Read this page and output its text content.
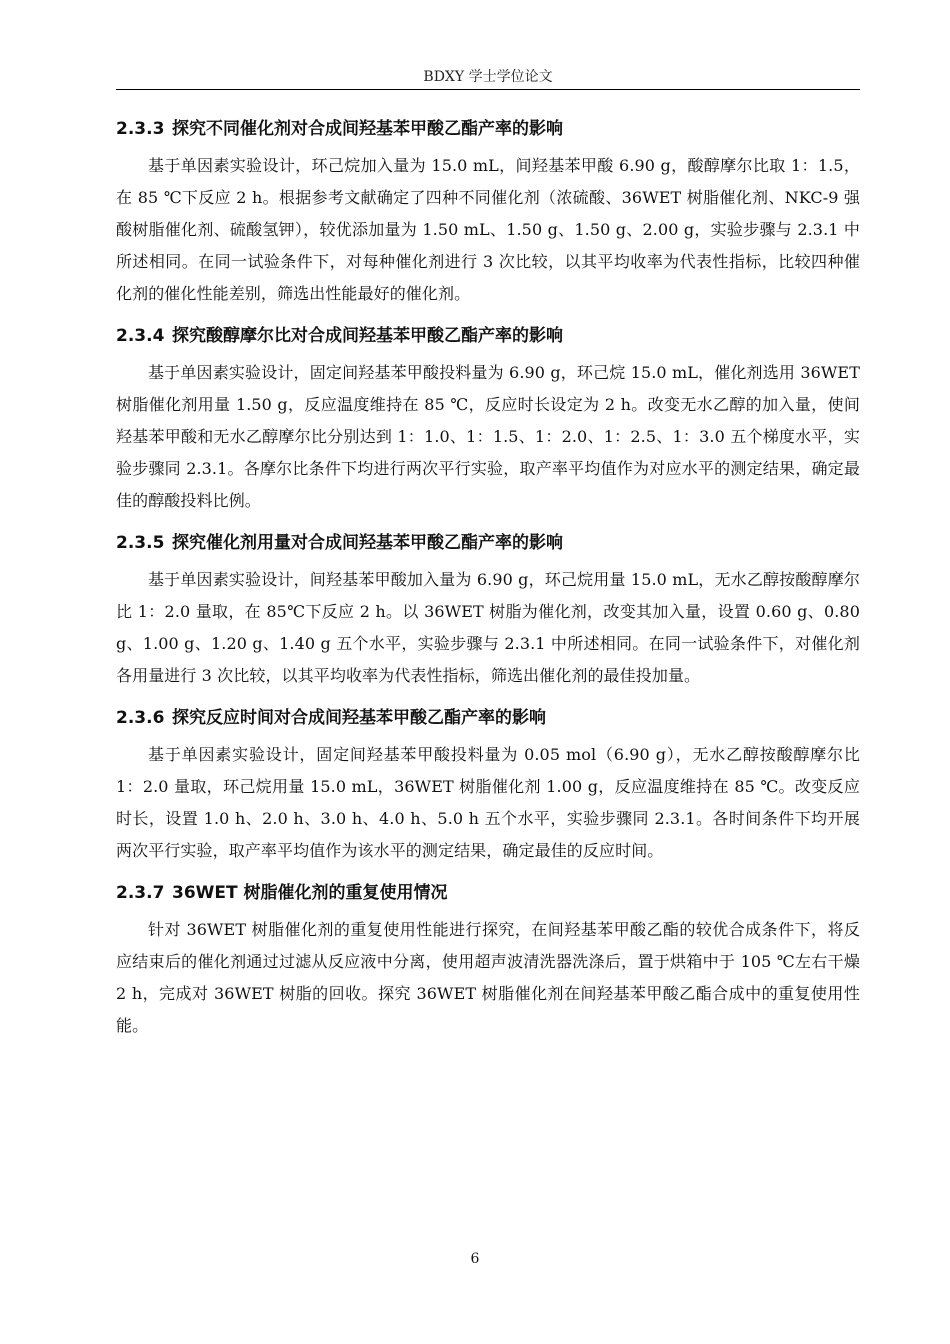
BDXY 学士学位论文
2.3.3 探究不同催化剂对合成间羟基苯甲酸乙酯产率的影响

基于单因素实验设计，环己烷加入量为 15.0 mL，间羟基苯甲酸 6.90 g，酸醇摩尔比取 1：1.5，在 85 ℃下反应 2 h。根据参考文献确定了四种不同催化剂（浓硫酸、36WET 树脂催化剂、NKC-9 强酸树脂催化剂、硫酸氢钾），较优添加量为 1.50 mL、1.50 g、1.50 g、2.00 g，实验步骤与 2.3.1 中所述相同。在同一试验条件下，对每种催化剂进行 3 次比较，以其平均收率为代表性指标，比较四种催化剂的催化性能差别，筛选出性能最好的催化剂。

2.3.4 探究酸醇摩尔比对合成间羟基苯甲酸乙酯产率的影响

基于单因素实验设计，固定间羟基苯甲酸投料量为 6.90 g，环己烷 15.0 mL，催化剂选用 36WET 树脂催化剂用量 1.50 g，反应温度维持在 85 ℃，反应时长设定为 2 h。改变无水乙醇的加入量，使间羟基苯甲酸和无水乙醇摩尔比分别达到 1：1.0、1：1.5、1：2.0、1：2.5、1：3.0 五个梯度水平，实验步骤同 2.3.1。各摩尔比条件下均进行两次平行实验，取产率平均值作为对应水平的测定结果，确定最佳的醇酸投料比例。

2.3.5 探究催化剂用量对合成间羟基苯甲酸乙酯产率的影响

基于单因素实验设计，间羟基苯甲酸加入量为 6.90 g，环己烷用量 15.0 mL，无水乙醇按酸醇摩尔比 1：2.0 量取，在 85℃下反应 2 h。以 36WET 树脂为催化剂，改变其加入量，设置 0.60 g、0.80 g、1.00 g、1.20 g、1.40 g 五个水平，实验步骤与 2.3.1 中所述相同。在同一试验条件下，对催化剂各用量进行 3 次比较，以其平均收率为代表性指标，筛选出催化剂的最佳投加量。

2.3.6 探究反应时间对合成间羟基苯甲酸乙酯产率的影响

基于单因素实验设计，固定间羟基苯甲酸投料量为 0.05 mol（6.90 g），无水乙醇按酸醇摩尔比 1：2.0 量取，环己烷用量 15.0 mL，36WET 树脂催化剂 1.00 g，反应温度维持在 85 ℃。改变反应时长，设置 1.0 h、2.0 h、3.0 h、4.0 h、5.0 h 五个水平，实验步骤同 2.3.1。各时间条件下均开展两次平行实验，取产率平均值作为该水平的测定结果，确定最佳的反应时间。

2.3.7 36WET 树脂催化剂的重复使用情况

针对 36WET 树脂催化剂的重复使用性能进行探究，在间羟基苯甲酸乙酯的较优合成条件下，将反应结束后的催化剂通过过滤从反应液中分离，使用超声波清洗器洗涤后，置于烘箱中于 105 ℃左右干燥 2 h，完成对 36WET 树脂的回收。探究 36WET 树脂催化剂在间羟基苯甲酸乙酯合成中的重复使用性能。

6
